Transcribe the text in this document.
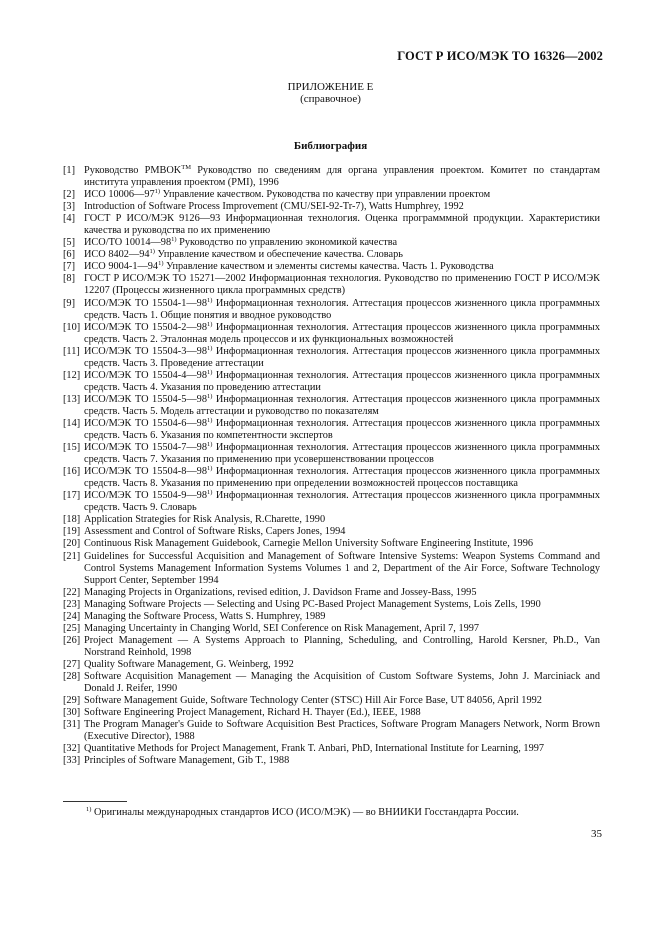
ГОСТ Р ИСО/МЭК ТО 16326—2002
ПРИЛОЖЕНИЕ Е
(справочное)
Библиография
[1] Руководство PMBOK™ Руководство по сведениям для органа управления проектом. Комитет по стандартам института управления проектом (PMI), 1996
[2] ИСО 10006—97$^{1)}$ Управление качеством. Руководства по качеству при управлении проектом
[3] Introduction of Software Process Improvement (CMU/SEI-92-Tr-7), Watts Humphrey, 1992
[4] ГОСТ Р ИСО/МЭК 9126—93 Информационная технология. Оценка программмной продукции. Характеристики качества и руководства по их применению
[5] ИСО/ТО 10014—98$^{1)}$ Руководство по управлению экономикой качества
[6] ИСО 8402—94$^{1)}$ Управление качеством и обеспечение качества. Словарь
[7] ИСО 9004-1—94$^{1)}$ Управление качеством и элементы системы качества. Часть 1. Руководства
[8] ГОСТ Р ИСО/МЭК ТО 15271—2002 Информационная технология. Руководство по применению ГОСТ Р ИСО/МЭК 12207 (Процессы жизненного цикла программных средств)
[9] ИСО/МЭК ТО 15504-1—98$^{1)}$ Информационная технология. Аттестация процессов жизненного цикла программных средств. Часть 1. Общие понятия и вводное руководство
[10] ИСО/МЭК ТО 15504-2—98$^{1)}$ Информационная технология. Аттестация процессов жизненного цикла программных средств. Часть 2. Эталонная модель процессов и их функциональных возможностей
[11] ИСО/МЭК ТО 15504-3—98$^{1)}$ Информационная технология. Аттестация процессов жизненного цикла программных средств. Часть 3. Проведение аттестации
[12] ИСО/МЭК ТО 15504-4—98$^{1)}$ Информационная технология. Аттестация процессов жизненного цикла программных средств. Часть 4. Указания по проведению аттестации
[13] ИСО/МЭК ТО 15504-5—98$^{1)}$ Информационная технология. Аттестация процессов жизненного цикла программных средств. Часть 5. Модель аттестации и руководство по показателям
[14] ИСО/МЭК ТО 15504-6—98$^{1)}$ Информационная технология. Аттестация процессов жизненного цикла программных средств. Часть 6. Указания по компетентности экспертов
[15] ИСО/МЭК ТО 15504-7—98$^{1)}$ Информационная технология. Аттестация процессов жизненного цикла программных средств. Часть 7. Указания по применению при усовершенствовании процессов
[16] ИСО/МЭК ТО 15504-8—98$^{1)}$ Информационная технология. Аттестация процессов жизненного цикла программных средств. Часть 8. Указания по применению при определении возможностей процессов поставщика
[17] ИСО/МЭК ТО 15504-9—98$^{1)}$ Информационная технология. Аттестация процессов жизненного цикла программных средств. Часть 9. Словарь
[18] Application Strategies for Risk Analysis, R.Charette, 1990
[19] Assessment and Control of Software Risks, Capers Jones, 1994
[20] Continuous Risk Management Guidebook, Carnegie Mellon University Software Engineering Institute, 1996
[21] Guidelines for Successful Acquisition and Management of Software Intensive Systems: Weapon Systems Command and Control Systems Management Information Systems Volumes 1 and 2, Department of the Air Force, Software Technology Support Center, September 1994
[22] Managing Projects in Organizations, revised edition, J. Davidson Frame and Jossey-Bass, 1995
[23] Managing Software Projects — Selecting and Using PC-Based Project Management Systems, Lois Zells, 1990
[24] Managing the Software Process, Watts S. Humphrey, 1989
[25] Managing Uncertainty in Changing World, SEI Conference on Risk Management, April 7, 1997
[26] Project Management — A Systems Approach to Planning, Scheduling, and Controlling, Harold Kersner, Ph.D., Van Norstrand Reinhold, 1998
[27] Quality Software Management, G. Weinberg, 1992
[28] Software Acquisition Management — Managing the Acquisition of Custom Software Systems, John J. Marciniack and Donald J. Reifer, 1990
[29] Software Management Guide, Software Technology Center (STSC) Hill Air Force Base, UT 84056, April 1992
[30] Software Engineering Project Management, Richard H. Thayer (Ed.), IEEE, 1988
[31] The Program Manager's Guide to Software Acquisition Best Practices, Software Program Managers Network, Norm Brown (Executive Director), 1988
[32] Quantitative Methods for Project Management, Frank T. Anbari, PhD, International Institute for Learning, 1997
[33] Principles of Software Management, Gib T., 1988
$^{1)}$ Оригиналы международных стандартов ИСО (ИСО/МЭК) — во ВНИИКИ Госстандарта России.
35
